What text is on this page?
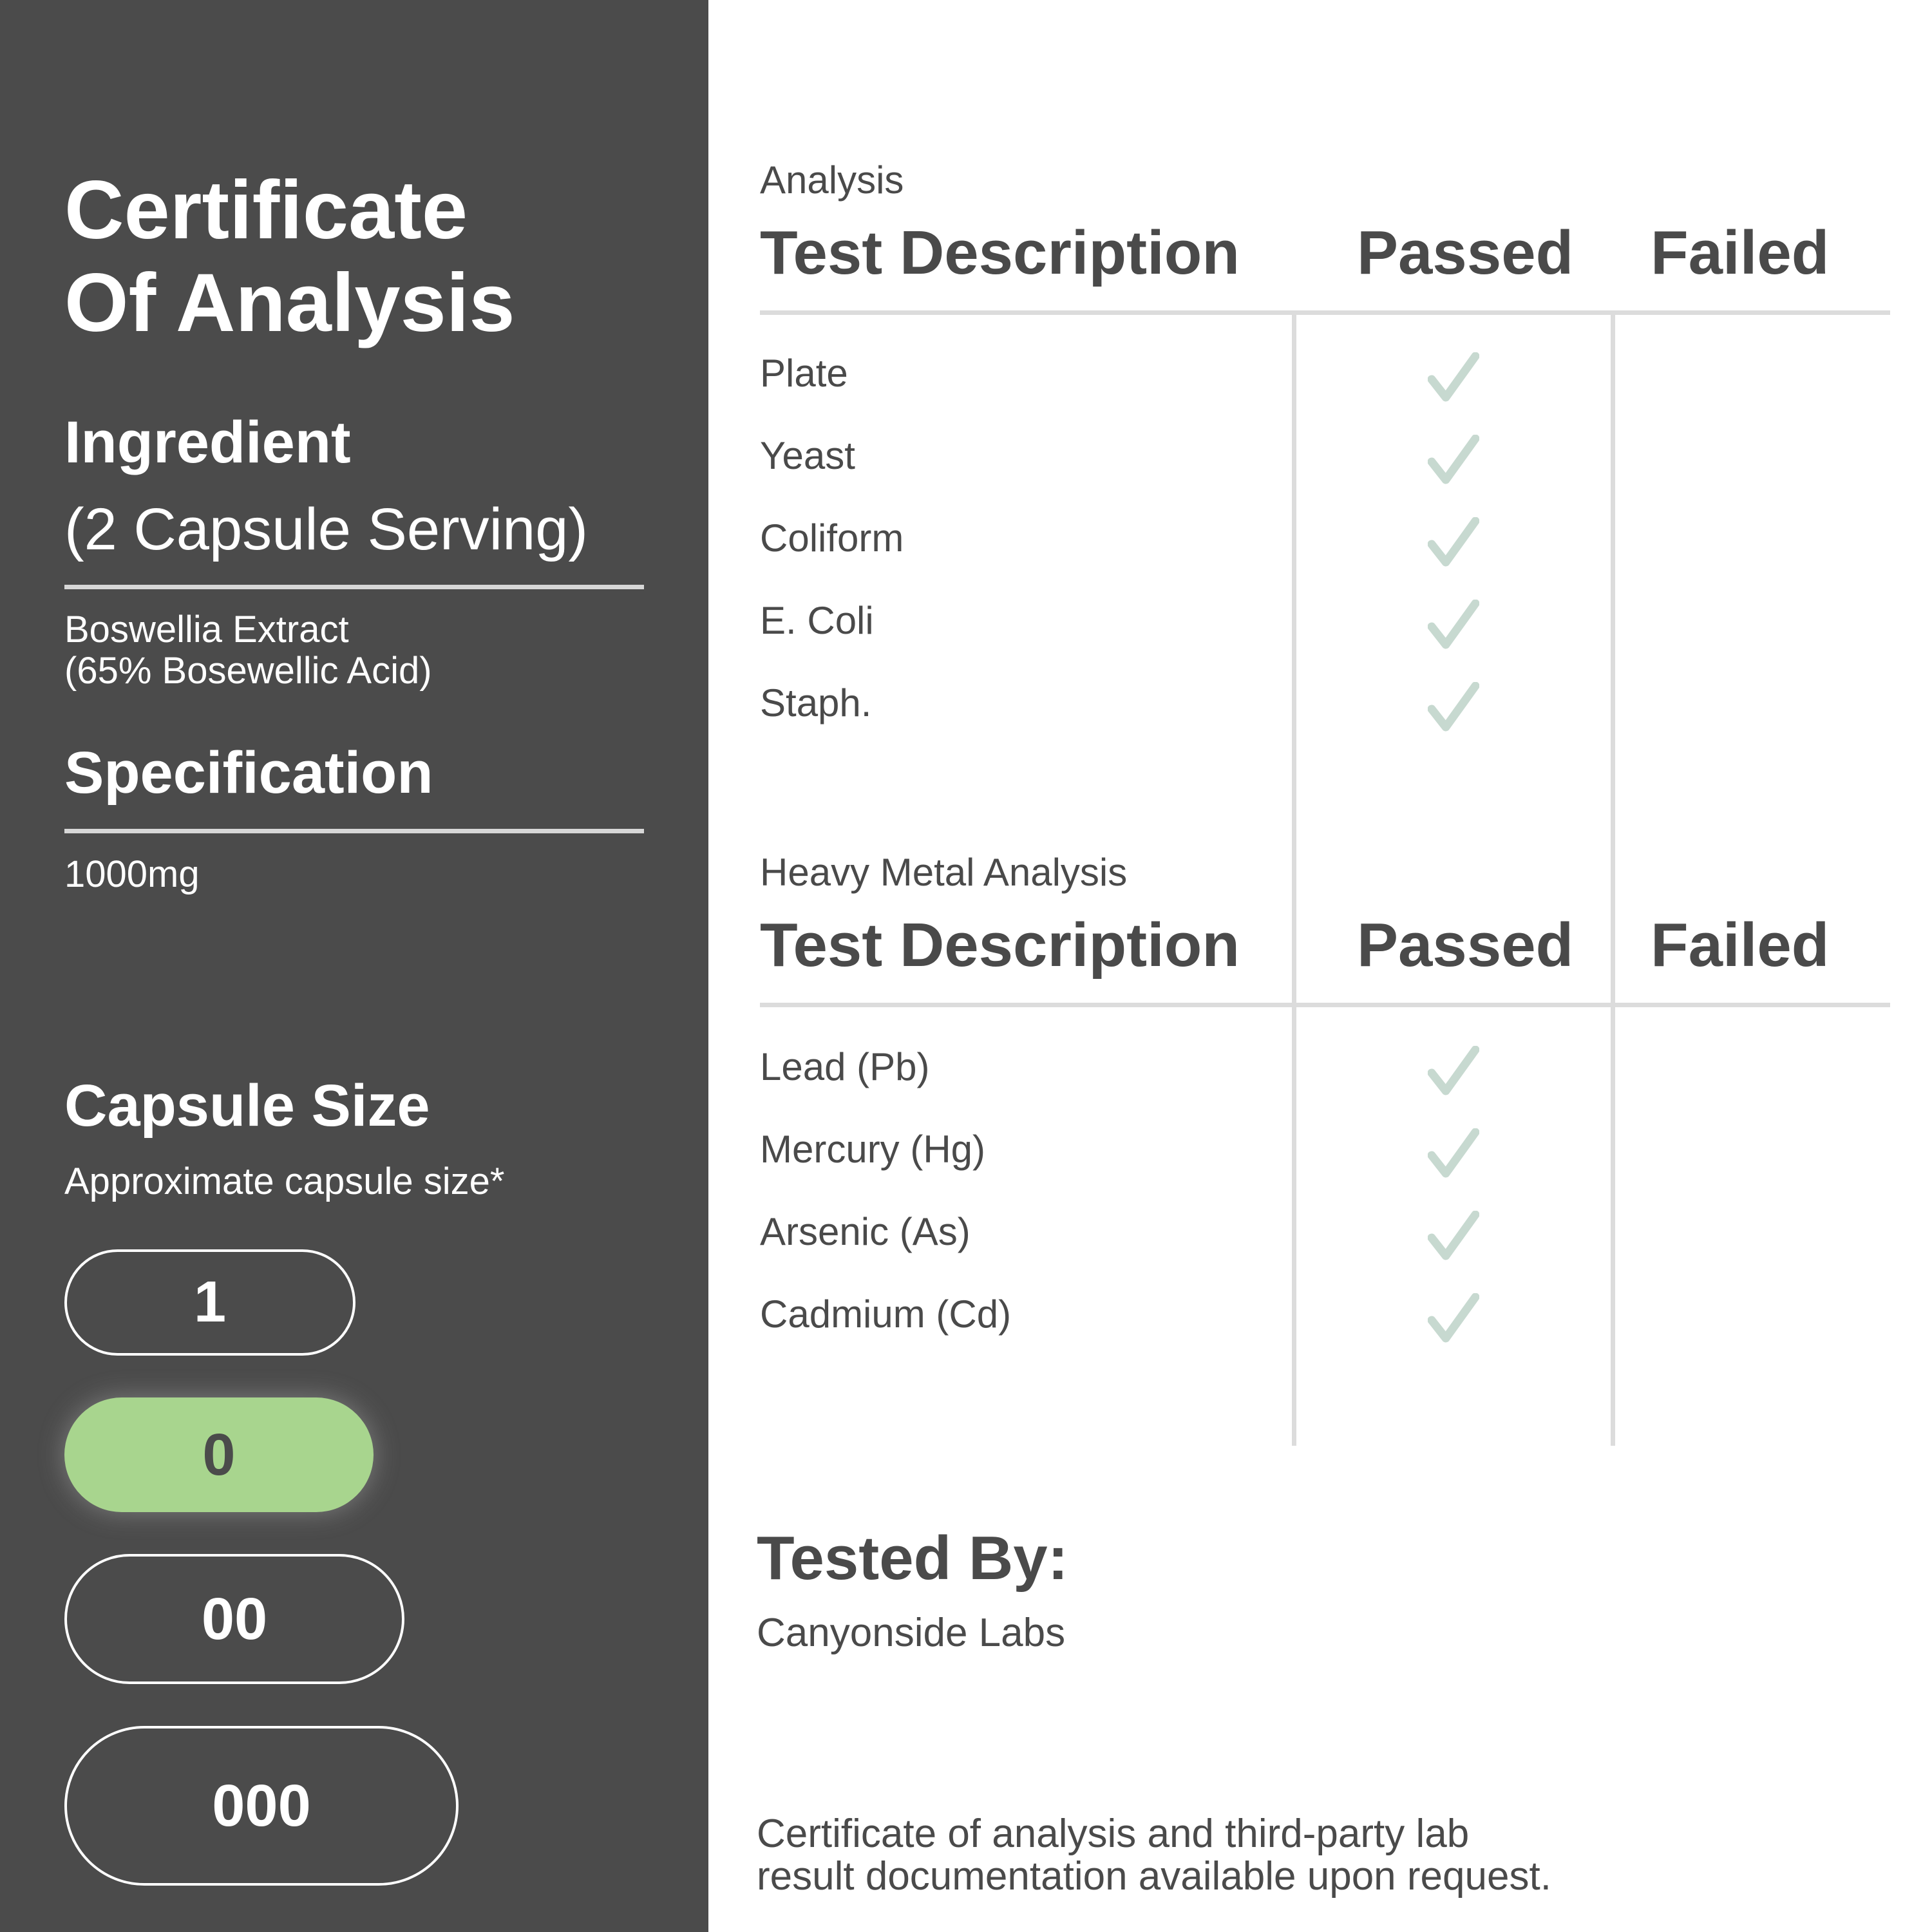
Certificate
Of Analysis
Ingredient
(2 Capsule Serving)
Boswellia Extract
(65% Bosewellic Acid)
Specification
1000mg
Capsule Size
Approximate capsule size*
1
0
00
000
Analysis
Test Description Passed Failed
Plate
Yeast
Coliform
E. Coli
Staph.
Heavy Metal Analysis
Test Description Passed Failed
Lead (Pb)
Mercury (Hg)
Arsenic (As)
Cadmium (Cd)
Tested By:
Canyonside Labs
Certificate of analysis and third-party lab
result documentation available upon request.
